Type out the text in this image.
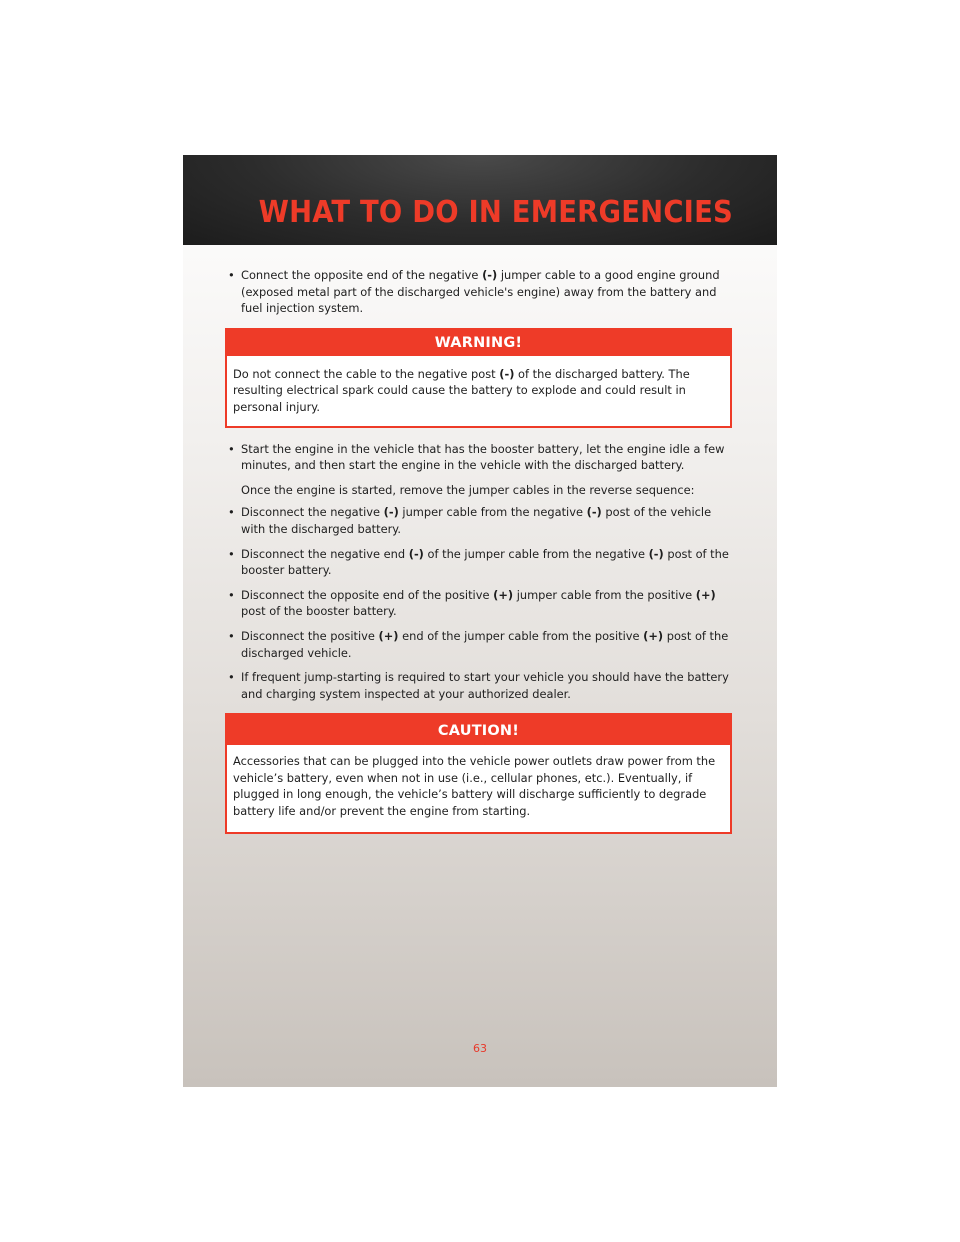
WHAT TO DO IN EMERGENCIES
• Connect the opposite end of the negative (-) jumper cable to a good engine ground (exposed metal part of the discharged vehicle's engine) away from the battery and fuel injection system.
WARNING!
Do not connect the cable to the negative post (-) of the discharged battery. The resulting electrical spark could cause the battery to explode and could result in personal injury.
• Start the engine in the vehicle that has the booster battery, let the engine idle a few minutes, and then start the engine in the vehicle with the discharged battery.
Once the engine is started, remove the jumper cables in the reverse sequence:
• Disconnect the negative (-) jumper cable from the negative (-) post of the vehicle with the discharged battery.
• Disconnect the negative end (-) of the jumper cable from the negative (-) post of the booster battery.
• Disconnect the opposite end of the positive (+) jumper cable from the positive (+) post of the booster battery.
• Disconnect the positive (+) end of the jumper cable from the positive (+) post of the discharged vehicle.
• If frequent jump-starting is required to start your vehicle you should have the battery and charging system inspected at your authorized dealer.
CAUTION!
Accessories that can be plugged into the vehicle power outlets draw power from the vehicle’s battery, even when not in use (i.e., cellular phones, etc.). Eventually, if plugged in long enough, the vehicle’s battery will discharge sufficiently to degrade battery life and/or prevent the engine from starting.
63
